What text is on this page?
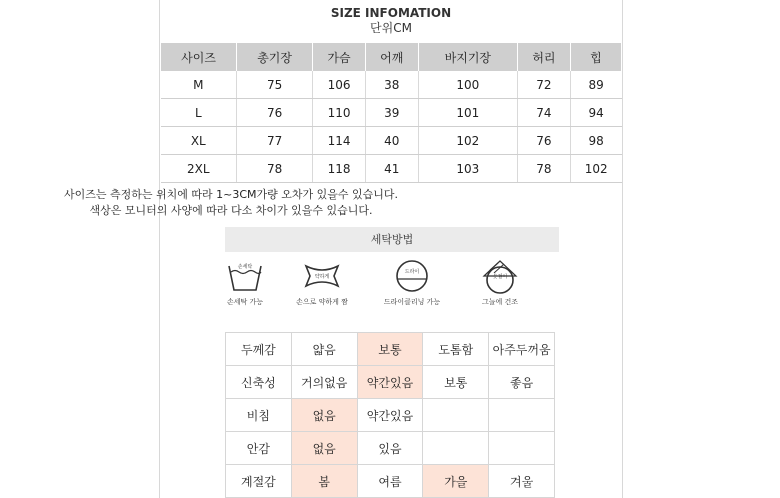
SIZE INFOMATION
단위CM
사이즈	총기장	가슴	어깨	바지기장	허리	힙
M	75	106	38	100	72	89
L	76	110	39	101	74	94
XL	77	114	40	102	76	98
2XL	78	118	41	103	78	102
사이즈는 측정하는 위치에 따라 1~3CM가량 오차가 있을수 있습니다.
색상은 모니터의 사양에 따라 다소 차이가 있을수 있습니다.
세탁방법
손세탁
손세탁 가능
약하게
손으로 약하게 짬
드라이
드라이클리닝 가능
옷걸이
그늘에 건조
두께감	얇음	보통	도톰함	아주두꺼움
신축성	거의없음	약간있음	보통	좋음
비침	없음	약간있음		
안감	없음	있음		
계절감	봄	여름	가을	겨울
